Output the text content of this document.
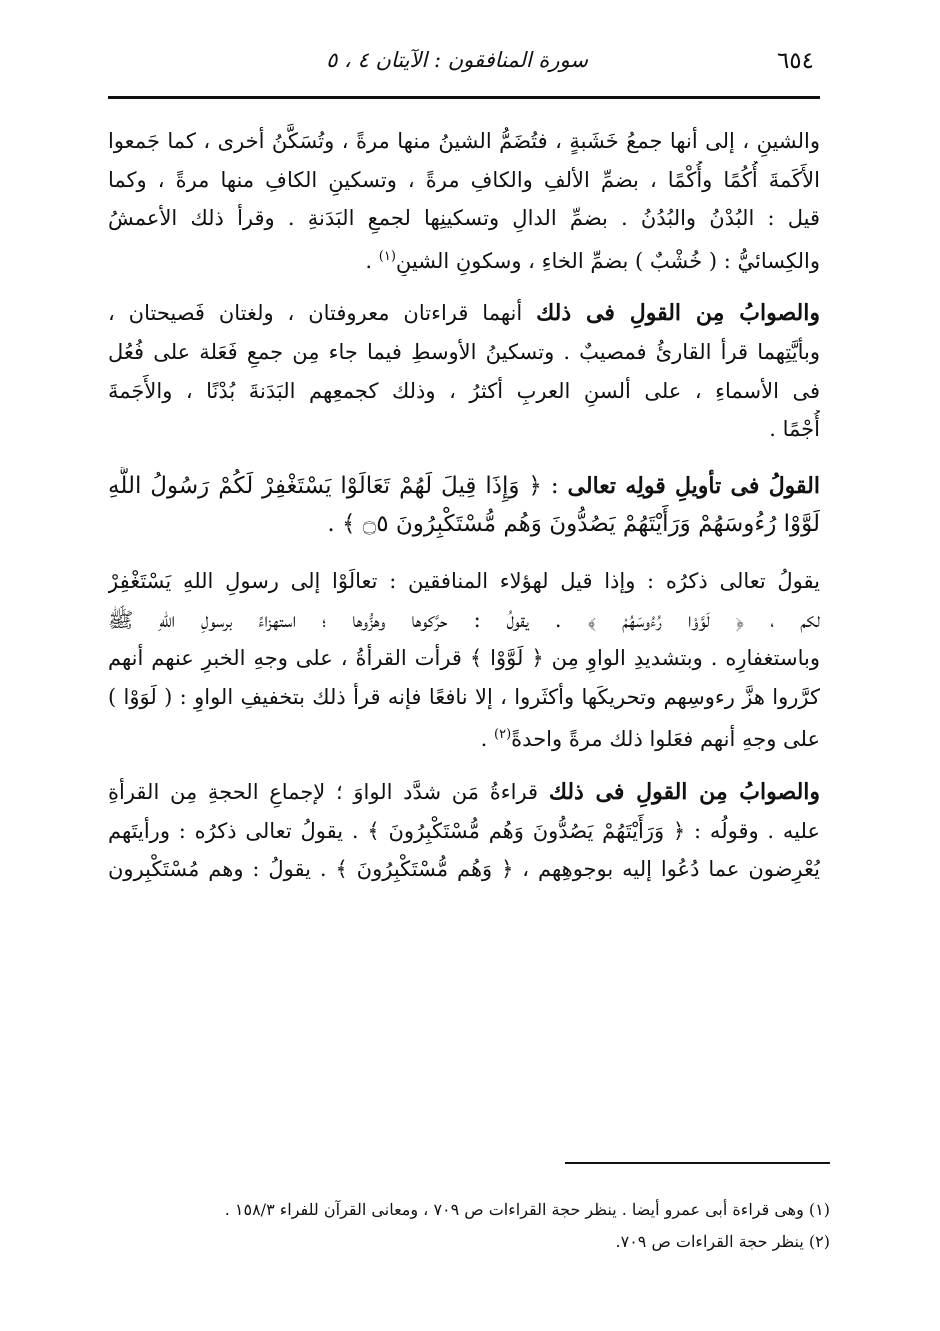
٦٥٤
سورة المنافقون : الآيتان ٤ ، ٥
والشينِ ، إلى أنها جمعُ خَشَبةٍ ، فتُضَمُّ الشينُ منها مرةً ، وتُسَكَّنُ أخرى ، كما جَمعوا
الأَكَمةَ أُكُمًا وأُكْمًا ، بضمِّ الألفِ والكافِ مرةً ، وتسكينِ الكافِ منها مرةً ، وكما
قيل : البُدْنُ والبُدُنُ . بضمِّ الدالِ وتسكينِها لجمعِ البَدَنةِ . وقرأ ذلك الأعمشُ
والكِسائيُّ : ( خُشْبٌ ) بضمِّ الخاءِ ، وسكونِ الشينِ$^{(١)}$ .
والصوابُ مِن القولِ فى ذلك أنهما قراءتان معروفتان ، ولغتان فَصيحتان ،
وبأيَّتِهما قرأ القارئُ فمصيبٌ . وتسكينُ الأوسطِ فيما جاء مِن جمعِ فَعَلة على فُعُل
فى الأسماءِ ، على ألسنِ العربِ أكثرُ ، وذلك كجمعِهم البَدَنةَ بُدْنًا ، والأَجَمةَ
أُجْمًا .
القولُ فى تأويلِ قولِه تعالى : ﴿ وَإِذَا قِيلَ لَهُمْ تَعَالَوْا يَسْتَغْفِرْ لَكُمْ رَسُولُ اللَّهِ
لَوَّوْا رُءُوسَهُمْ وَرَأَيْتَهُمْ يَصُدُّونَ وَهُم مُّسْتَكْبِرُونَ ۝٥ ﴾ .
يقولُ تعالى ذكرُه : وإذا قيل لهؤلاء المنافقين : تعالَوْا إلى رسولِ اللهِ يَسْتَغْفِرْ
لكم ، ﴿ لَوَّوْا رُءُوسَهُمْ ﴾ . يقولُ : حرَّكوها وهزُّوها ؛ استهزاءً برسولِ اللهِ ﷺ
وباستغفارِه . وبتشديدِ الواوِ مِن ﴿ لَوَّوْا ﴾ قرأت القرأةُ ، على وجهِ الخبرِ عنهم أنهم
كرَّروا هزَّ رءوسِهم وتحريكَها وأكثَروا ، إلا نافعًا فإنه قرأ ذلك بتخفيفِ الواوِ : ( لَوَوْا )
على وجهِ أنهم فعَلوا ذلك مرةً واحدةً$^{(٢)}$ .
والصوابُ مِن القولِ فى ذلك قراءةُ مَن شدَّد الواوَ ؛ لإجماعِ الحجةِ مِن القرأةِ
عليه . وقولُه : ﴿ وَرَأَيْتَهُمْ يَصُدُّونَ وَهُم مُّسْتَكْبِرُونَ ﴾ . يقولُ تعالى ذكرُه : ورأيتَهم
يُعْرِضون عما دُعُوا إليه بوجوهِهم ، ﴿ وَهُم مُّسْتَكْبِرُونَ ﴾ . يقولُ : وهم مُسْتَكْبِرون
(١) وهى قراءة أبى عمرو أيضا . ينظر حجة القراءات ص ٧٠٩ ، ومعانى القرآن للفراء ١٥٨/٣ .
(٢) ينظر حجة القراءات ص ٧٠٩.
